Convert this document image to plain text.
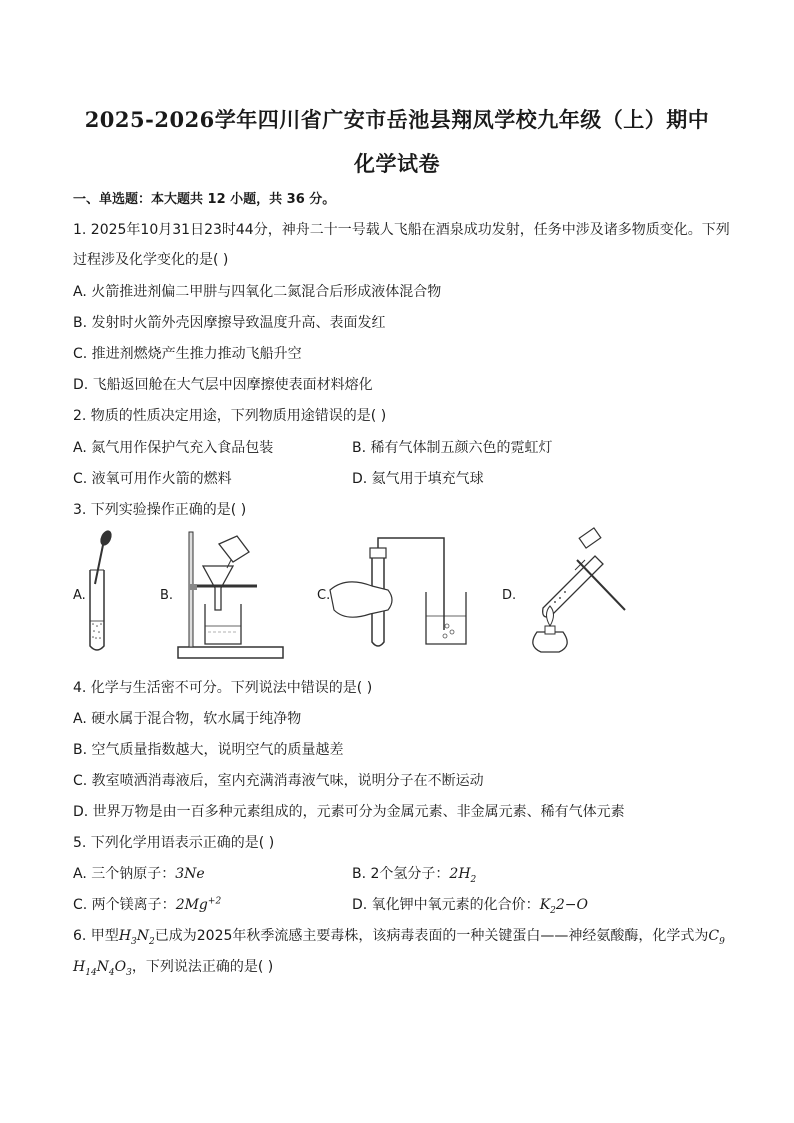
2025-2026学年四川省广安市岳池县翔凤学校九年级（上）期中
化学试卷
一、单选题：本大题共 12 小题，共 36 分。
1. 2025年10月31日23时44分，神舟二十一号载人飞船在酒泉成功发射，任务中涉及诸多物质变化。下列
过程涉及化学变化的是( )
A. 火箭推进剂偏二甲肼与四氧化二氮混合后形成液体混合物
B. 发射时火箭外壳因摩擦导致温度升高、表面发红
C. 推进剂燃烧产生推力推动飞船升空
D. 飞船返回舱在大气层中因摩擦使表面材料熔化
2. 物质的性质决定用途，下列物质用途错误的是( )
A. 氮气用作保护气充入食品包装	B. 稀有气体制五颜六色的霓虹灯
C. 液氧可用作火箭的燃料	D. 氦气用于填充气球
3. 下列实验操作正确的是( )
A.	B.	C.	D.
4. 化学与生活密不可分。下列说法中错误的是( )
A. 硬水属于混合物，软水属于纯净物
B. 空气质量指数越大，说明空气的质量越差
C. 教室喷洒消毒液后，室内充满消毒液气味，说明分子在不断运动
D. 世界万物是由一百多种元素组成的，元素可分为金属元素、非金属元素、稀有气体元素
5. 下列化学用语表示正确的是( )
A. 三个钠原子：3Ne	B. 2个氢分子：$2H_2$
C. 两个镁离子：$2Mg^{+2}$	D. 氧化钾中氧元素的化合价：$K_22-O$
6. 甲型$H_3N_2$已成为2025年秋季流感主要毒株，该病毒表面的一种关键蛋白——神经氨酸酶，化学式为$C_9$
$H_{14}N_4O_3$，下列说法正确的是( )
